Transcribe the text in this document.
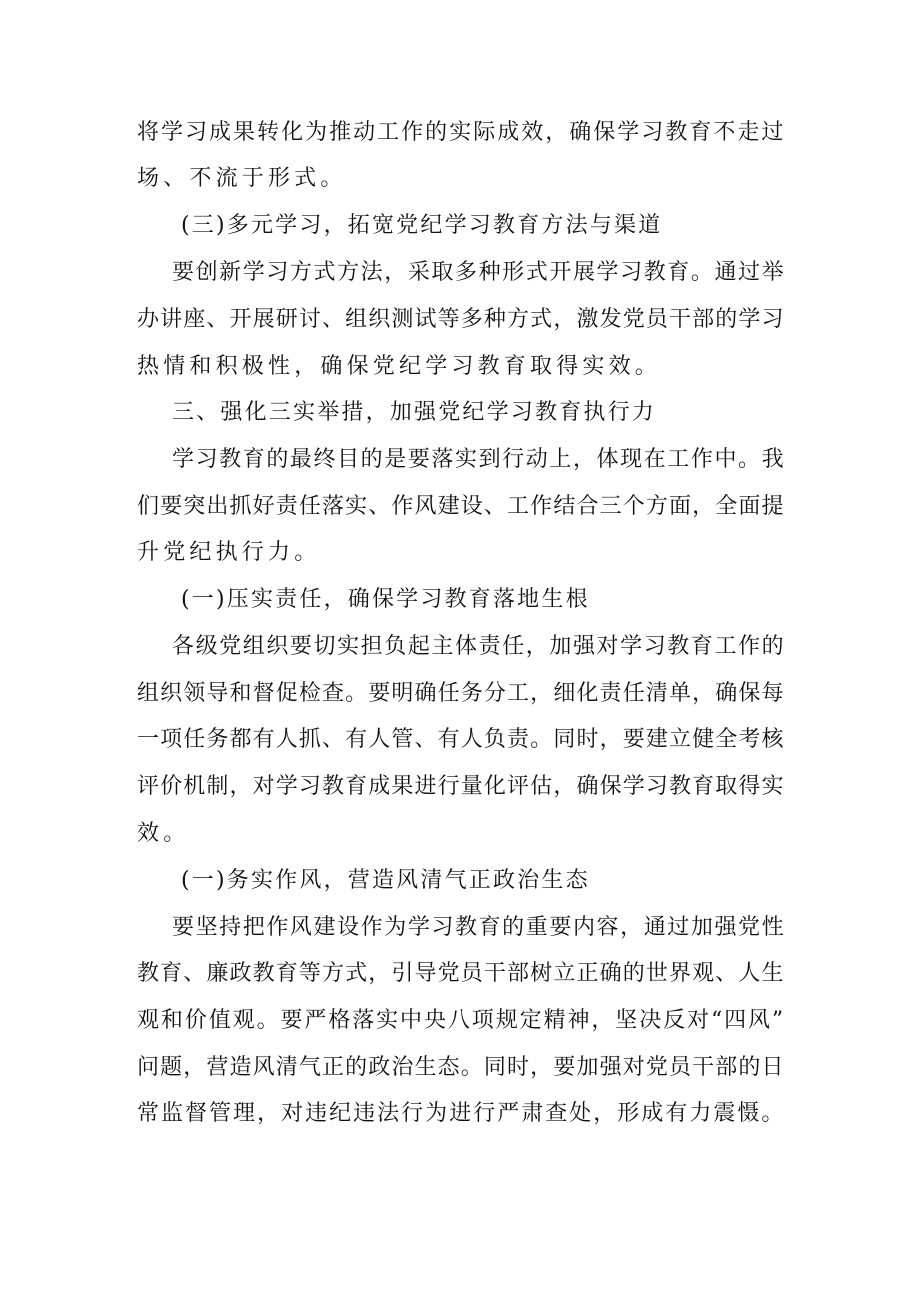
将学习成果转化为推动工作的实际成效，确保学习教育不走过

场、不流于形式。

(三)多元学习，拓宽党纪学习教育方法与渠道

要创新学习方式方法，采取多种形式开展学习教育。通过举

办讲座、开展研讨、组织测试等多种方式，激发党员干部的学习

热情和积极性，确保党纪学习教育取得实效。

三、强化三实举措，加强党纪学习教育执行力

学习教育的最终目的是要落实到行动上，体现在工作中。我

们要突出抓好责任落实、作风建设、工作结合三个方面，全面提

升党纪执行力。

(一)压实责任，确保学习教育落地生根

各级党组织要切实担负起主体责任，加强对学习教育工作的

组织领导和督促检查。要明确任务分工，细化责任清单，确保每

一项任务都有人抓、有人管、有人负责。同时，要建立健全考核

评价机制，对学习教育成果进行量化评估，确保学习教育取得实

效。

(一)务实作风，营造风清气正政治生态

要坚持把作风建设作为学习教育的重要内容，通过加强党性

教育、廉政教育等方式，引导党员干部树立正确的世界观、人生

观和价值观。要严格落实中央八项规定精神，坚决反对“四风”

问题，营造风清气正的政治生态。同时，要加强对党员干部的日

常监督管理，对违纪违法行为进行严肃查处，形成有力震慑。
